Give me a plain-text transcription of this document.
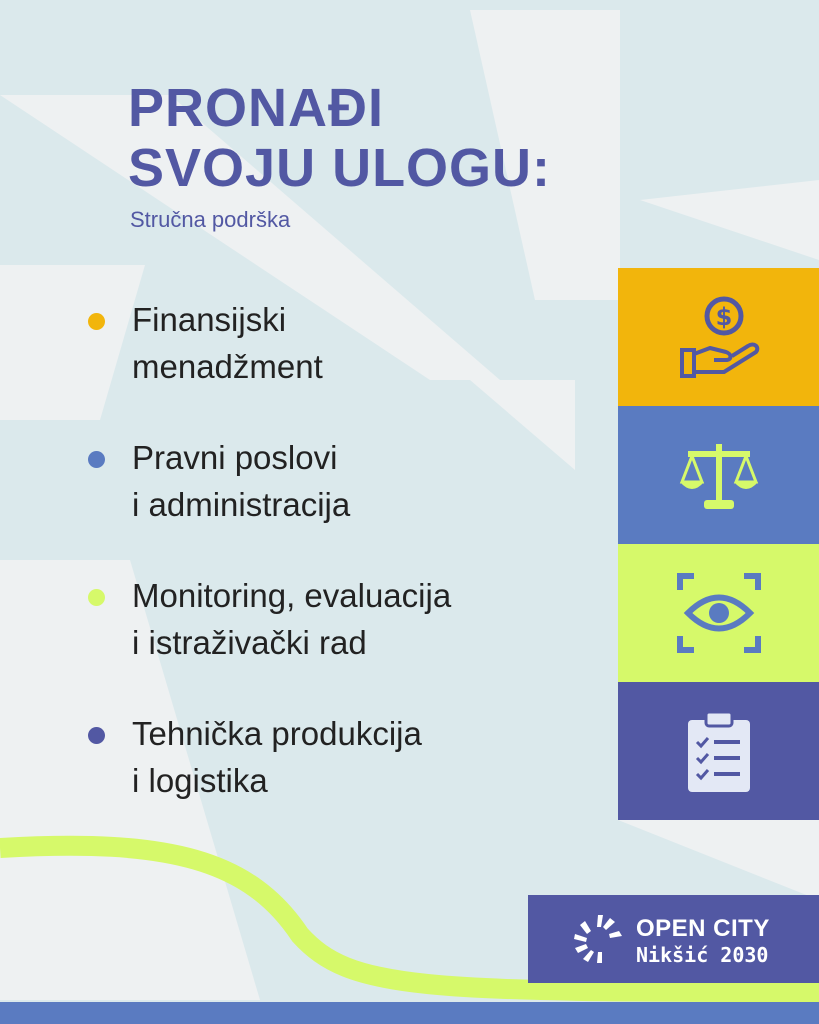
PRONAĐI
SVOJU ULOGU:
Stručna podrška
Finansijski
menadžment
Pravni poslovi
i administracija
Monitoring, evaluacija
i istraživački rad
Tehnička produkcija
i logistika
$
OPEN CITY
Nikšić 2030
